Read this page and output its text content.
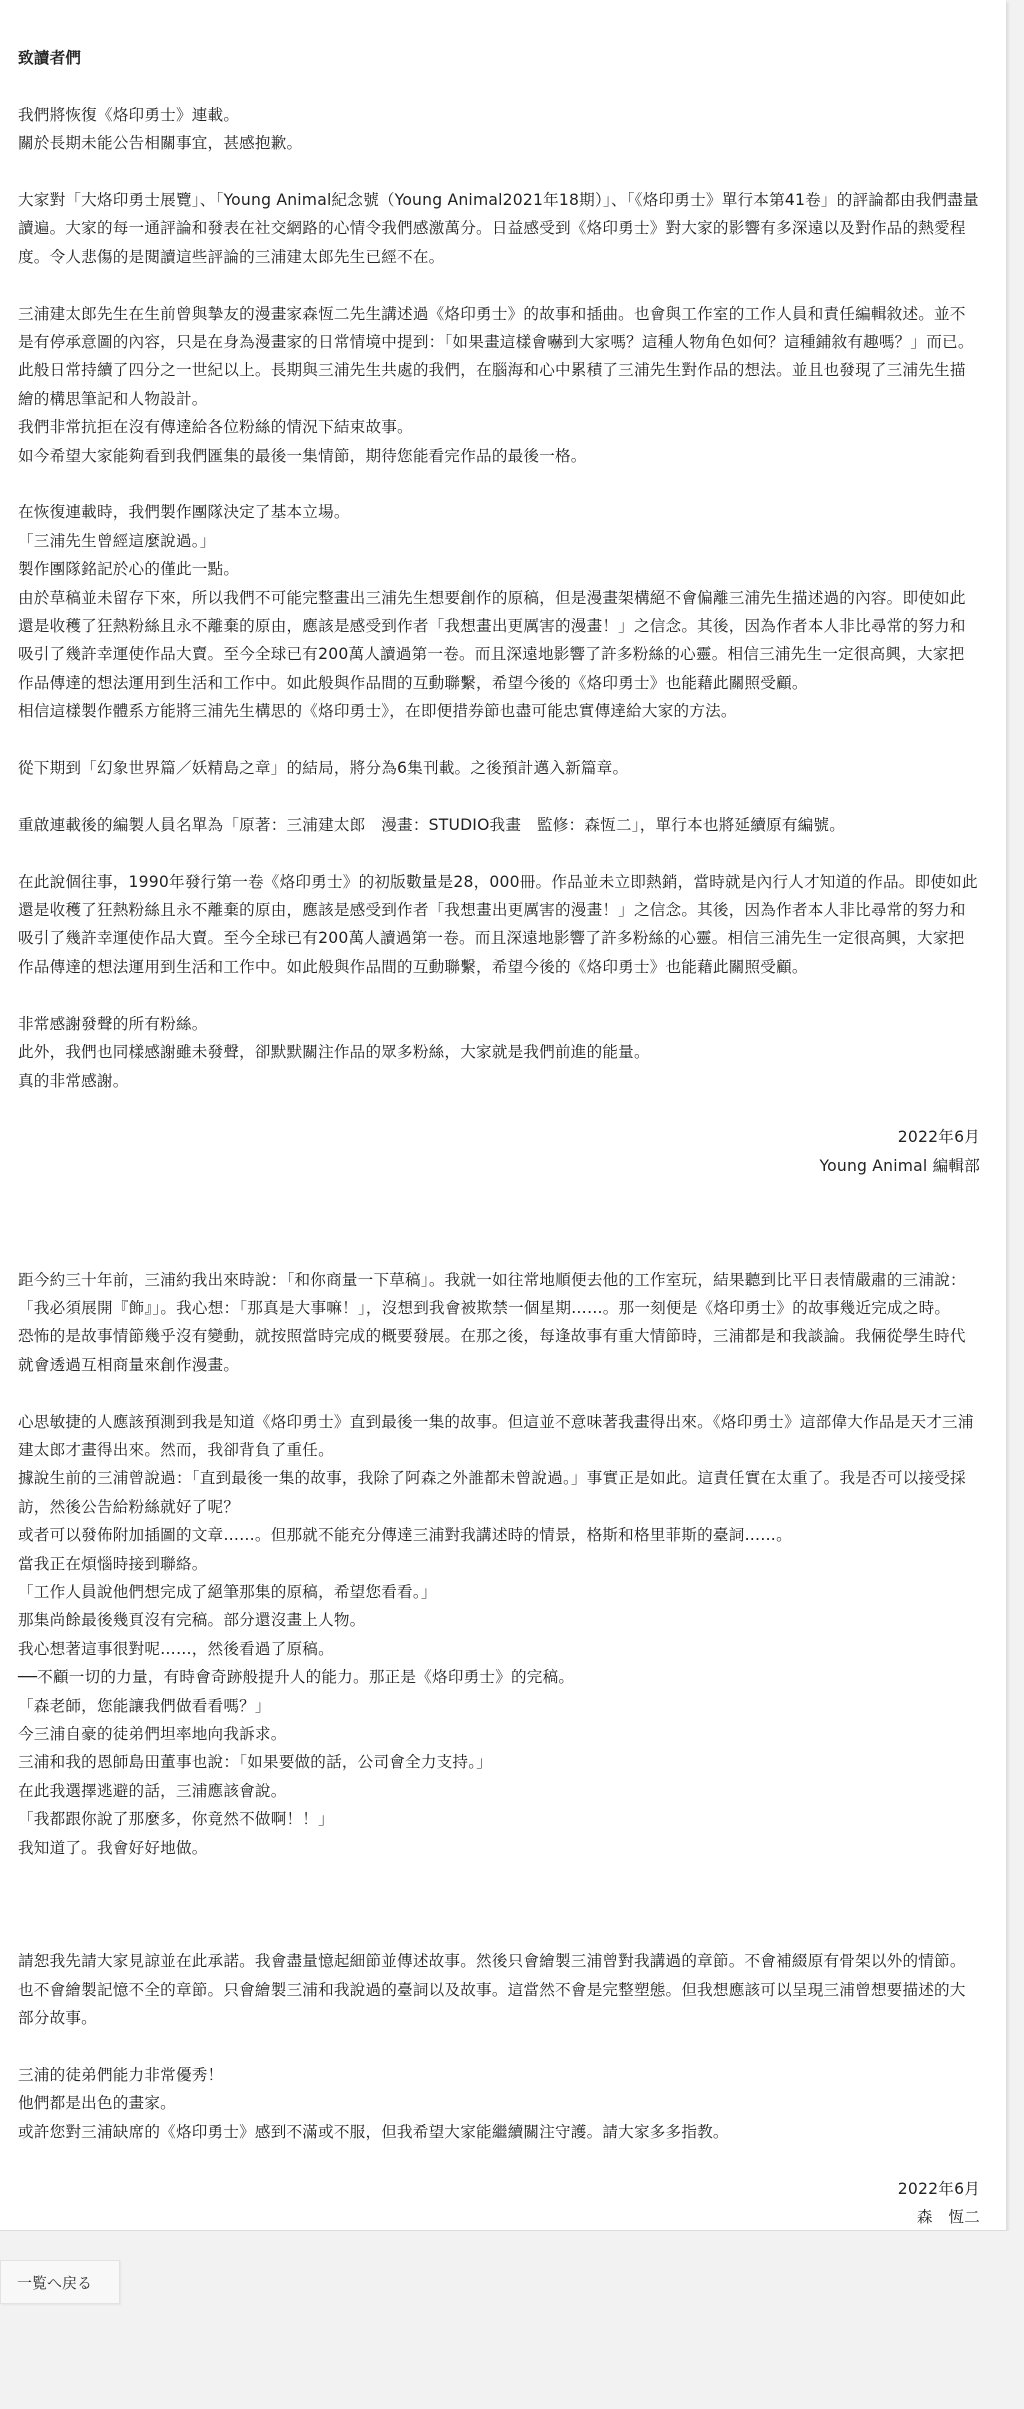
致讀者們

我們將恢復《烙印勇士》連載。
關於長期未能公告相關事宜，甚感抱歉。

大家對「大烙印勇士展覽」、「Young Animal紀念號（Young Animal2021年18期）」、「《烙印勇士》單行本第41卷」的評論都由我們盡量讀遍。大家的每一通評論和發表在社交網路的心情令我們感激萬分。日益感受到《烙印勇士》對大家的影響有多深遠以及對作品的熱愛程度。令人悲傷的是閱讀這些評論的三浦建太郎先生已經不在。

三浦建太郎先生在生前曾與摯友的漫畫家森恆二先生講述過《烙印勇士》的故事和插曲。也會與工作室的工作人員和責任編輯敘述。並不是有停承意圖的內容，只是在身為漫畫家的日常情境中提到：「如果畫這樣會嚇到大家嗎？這種人物角色如何？這種鋪敘有趣嗎？」而已。
此般日常持續了四分之一世紀以上。長期與三浦先生共處的我們，在腦海和心中累積了三浦先生對作品的想法。並且也發現了三浦先生描繪的構思筆記和人物設計。
我們非常抗拒在沒有傳達給各位粉絲的情況下結束故事。
如今希望大家能夠看到我們匯集的最後一集情節，期待您能看完作品的最後一格。

在恢復連載時，我們製作團隊決定了基本立場。
「三浦先生曾經這麼說過。」
製作團隊銘記於心的僅此一點。
由於草稿並未留存下來，所以我們不可能完整畫出三浦先生想要創作的原稿，但是漫畫架構絕不會偏離三浦先生描述過的內容。即使如此還是收穫了狂熱粉絲且永不離棄的原由，應該是感受到作者「我想畫出更厲害的漫畫！」之信念。其後，因為作者本人非比尋常的努力和吸引了幾許幸運使作品大賣。至今全球已有200萬人讀過第一卷。而且深遠地影響了許多粉絲的心靈。相信三浦先生一定很高興，大家把作品傳達的想法運用到生活和工作中。如此般與作品間的互動聯繫，希望今後的《烙印勇士》也能藉此關照受顧。
相信這樣製作體系方能將三浦先生構思的《烙印勇士》，在即便措券節也盡可能忠實傳達給大家的方法。

從下期到「幻象世界篇／妖精島之章」的結局，將分為6集刊載。之後預計邁入新篇章。

重啟連載後的編製人員名單為「原著：三浦建太郎　漫畫：STUDIO我畫　監修：森恆二」，單行本也將延續原有編號。

在此說個往事，1990年發行第一卷《烙印勇士》的初版數量是28，000冊。作品並未立即熱銷，當時就是內行人才知道的作品。即使如此還是收穫了狂熱粉絲且永不離棄的原由，應該是感受到作者「我想畫出更厲害的漫畫！」之信念。其後，因為作者本人非比尋常的努力和吸引了幾許幸運使作品大賣。至今全球已有200萬人讀過第一卷。而且深遠地影響了許多粉絲的心靈。相信三浦先生一定很高興，大家把作品傳達的想法運用到生活和工作中。如此般與作品間的互動聯繫，希望今後的《烙印勇士》也能藉此關照受顧。

非常感謝發聲的所有粉絲。
此外，我們也同樣感謝雖未發聲，卻默默關注作品的眾多粉絲，大家就是我們前進的能量。
真的非常感謝。

2022年6月
Young Animal 編輯部

距今約三十年前，三浦約我出來時說：「和你商量一下草稿」。我就一如往常地順便去他的工作室玩，結果聽到比平日表情嚴肅的三浦說：「我必須展開『飾』」。我心想：「那真是大事嘛！」，沒想到我會被欺禁一個星期……。那一刻便是《烙印勇士》的故事幾近完成之時。
恐怖的是故事情節幾乎沒有變動，就按照當時完成的概要發展。在那之後，每逢故事有重大情節時，三浦都是和我談論。我倆從學生時代就會透過互相商量來創作漫畫。

心思敏捷的人應該預測到我是知道《烙印勇士》直到最後一集的故事。但這並不意味著我畫得出來。《烙印勇士》這部偉大作品是天才三浦建太郎才畫得出來。然而，我卻背負了重任。
據說生前的三浦曾說過：「直到最後一集的故事，我除了阿森之外誰都未曾說過。」事實正是如此。這責任實在太重了。我是否可以接受採訪，然後公告給粉絲就好了呢？
或者可以發佈附加插圖的文章……。但那就不能充分傳達三浦對我講述時的情景，格斯和格里菲斯的臺詞……。
當我正在煩惱時接到聯絡。
「工作人員說他們想完成了絕筆那集的原稿，希望您看看。」
那集尚餘最後幾頁沒有完稿。部分還沒畫上人物。
我心想著這事很對呢……，然後看過了原稿。
──不顧一切的力量，有時會奇跡般提升人的能力。那正是《烙印勇士》的完稿。
「森老師，您能讓我們做看看嗎？」
今三浦自豪的徒弟們坦率地向我訴求。
三浦和我的恩師島田董事也說：「如果要做的話，公司會全力支持。」
在此我選擇逃避的話，三浦應該會說。
「我都跟你說了那麼多，你竟然不做啊！！」
我知道了。我會好好地做。

請恕我先請大家見諒並在此承諾。我會盡量憶起細節並傳述故事。然後只會繪製三浦曾對我講過的章節。不會補綴原有骨架以外的情節。也不會繪製記憶不全的章節。只會繪製三浦和我說過的臺詞以及故事。這當然不會是完整塑態。但我想應該可以呈現三浦曾想要描述的大部分故事。

三浦的徒弟們能力非常優秀！
他們都是出色的畫家。
或許您對三浦缺席的《烙印勇士》感到不滿或不服，但我希望大家能繼續關注守護。請大家多多指教。

2022年6月
森　恆二

一覧へ戻る
